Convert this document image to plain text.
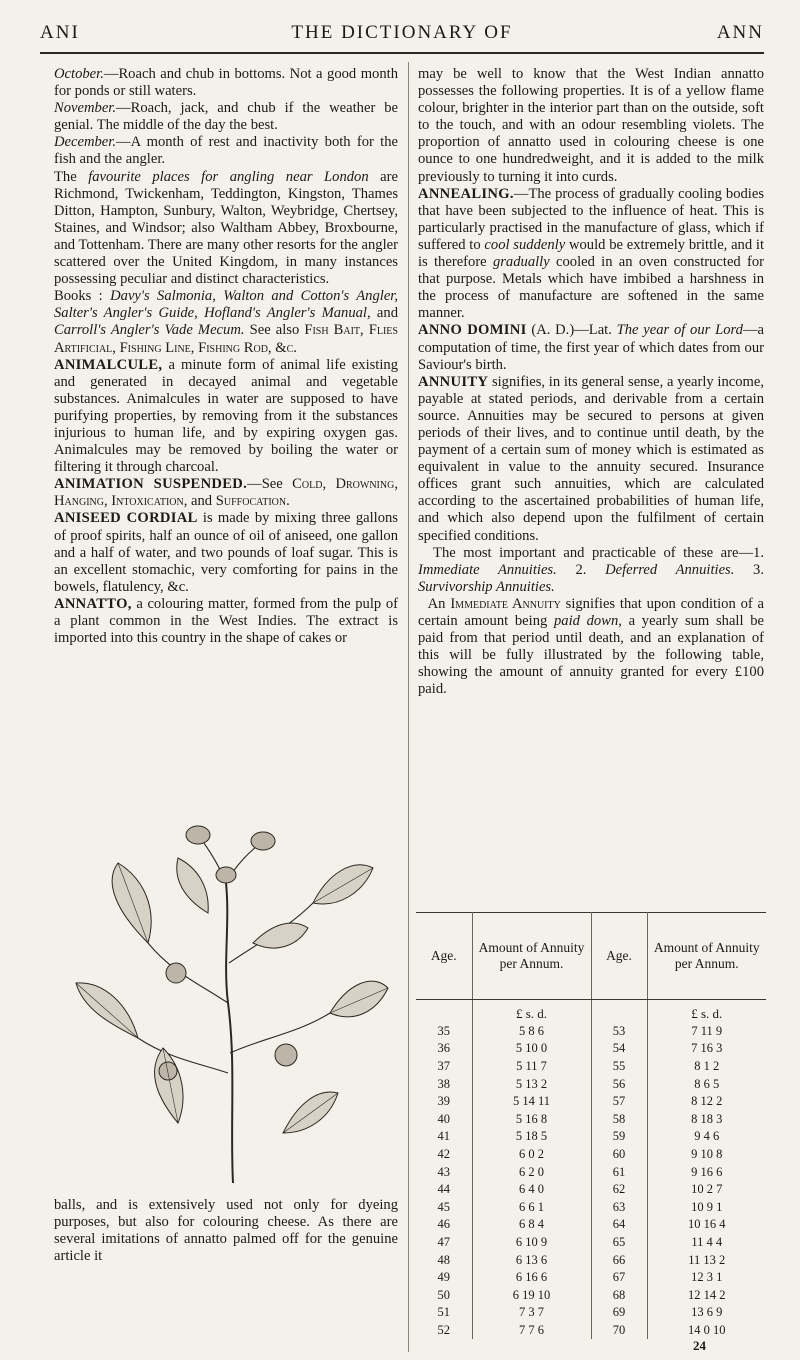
ANI	THE DICTIONARY OF	ANN

October.—Roach and chub in bottoms. Not a good month for ponds or still waters.

November.—Roach, jack, and chub if the weather be genial. The middle of the day the best.

December.—A month of rest and inactivity both for the fish and the angler.

The favourite places for angling near London are Richmond, Twickenham, Teddington, Kingston, Thames Ditton, Hampton, Sunbury, Walton, Weybridge, Chertsey, Staines, and Windsor; also Waltham Abbey, Broxbourne, and Tottenham. There are many other resorts for the angler scattered over the United Kingdom, in many instances possessing peculiar and distinct characteristics.

Books : Davy's Salmonia, Walton and Cotton's Angler, Salter's Angler's Guide, Hofland's Angler's Manual, and Carroll's Angler's Vade Mecum. See also Fish Bait, Flies Artificial, Fishing Line, Fishing Rod, &c.

ANIMALCULE, a minute form of animal life existing and generated in decayed animal and vegetable substances. Animalcules in water are supposed to have purifying properties, by removing from it the substances injurious to human life, and by expiring oxygen gas. Animalcules may be removed by boiling the water or filtering it through charcoal.

ANIMATION SUSPENDED.—See Cold, Drowning, Hanging, Intoxication, and Suffocation.

ANISEED CORDIAL is made by mixing three gallons of proof spirits, half an ounce of oil of aniseed, one gallon and a half of water, and two pounds of loaf sugar. This is an excellent stomachic, very comforting for pains in the bowels, flatulency, &c.

ANNATTO, a colouring matter, formed from the pulp of a plant common in the West Indies. The extract is imported into this country in the shape of cakes or

balls, and is extensively used not only for dyeing purposes, but also for colouring cheese. As there are several imitations of annatto palmed off for the genuine article it

may be well to know that the West Indian annatto possesses the following properties. It is of a yellow flame colour, brighter in the interior part than on the outside, soft to the touch, and with an odour resembling violets. The proportion of annatto used in colouring cheese is one ounce to one hundredweight, and it is added to the milk previously to turning it into curds.

ANNEALING.—The process of gradually cooling bodies that have been subjected to the influence of heat. This is particularly practised in the manufacture of glass, which if suffered to cool suddenly would be extremely brittle, and it is therefore gradually cooled in an oven constructed for that purpose. Metals which have imbibed a harshness in the process of manufacture are softened in the same manner.

ANNO DOMINI (A. D.)—Lat. The year of our Lord—a computation of time, the first year of which dates from our Saviour's birth.

ANNUITY signifies, in its general sense, a yearly income, payable at stated periods, and derivable from a certain source. Annuities may be secured to persons at given periods of their lives, and to continue until death, by the payment of a certain sum of money which is estimated as equivalent in value to the annuity secured. Insurance offices grant such annuities, which are calculated according to the ascertained probabilities of human life, and which also depend upon the fulfilment of certain specified conditions.

The most important and practicable of these are—1. Immediate Annuities. 2. Deferred Annuities. 3. Survivorship Annuities.

An Immediate Annuity signifies that upon condition of a certain amount being paid down, a yearly sum shall be paid from that period until death, and an explanation of this will be fully illustrated by the following table, showing the amount of annuity granted for every £100 paid.

Age.	Amount of Annuity per Annum.	Age.	Amount of Annuity per Annum.
	£ s. d.		£ s. d.
35	5 8 6	53	7 11 9
36	5 10 0	54	7 16 3
37	5 11 7	55	8 1 2
38	5 13 2	56	8 6 5
39	5 14 11	57	8 12 2
40	5 16 8	58	8 18 3
41	5 18 5	59	9 4 6
42	6 0 2	60	9 10 8
43	6 2 0	61	9 16 6
44	6 4 0	62	10 2 7
45	6 6 1	63	10 9 1
46	6 8 4	64	10 16 4
47	6 10 9	65	11 4 4
48	6 13 6	66	11 13 2
49	6 16 6	67	12 3 1
50	6 19 10	68	12 14 2
51	7 3 7	69	13 6 9
52	7 7 6	70	14 0 10
24
